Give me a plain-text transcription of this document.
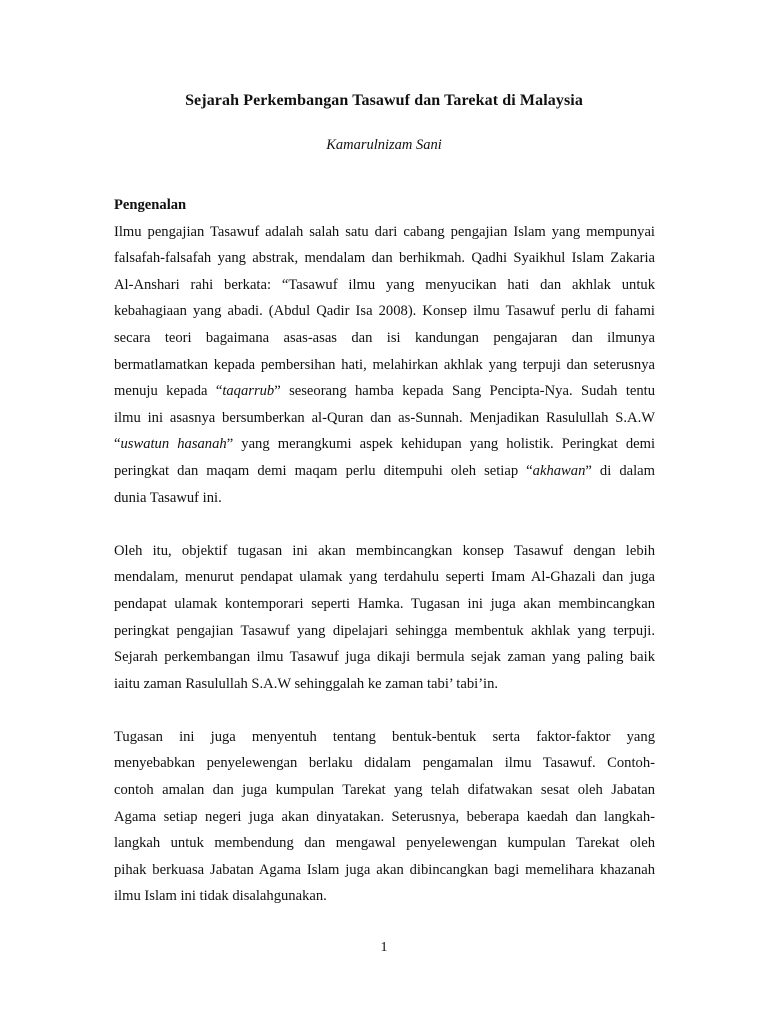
Sejarah Perkembangan Tasawuf dan Tarekat di Malaysia

Kamarulnizam Sani

Pengenalan

Ilmu pengajian Tasawuf adalah salah satu dari cabang pengajian Islam yang mempunyai
falsafah-falsafah yang abstrak, mendalam dan berhikmah. Qadhi Syaikhul Islam Zakaria
Al-Anshari rahi berkata: “Tasawuf ilmu yang menyucikan hati dan akhlak untuk
kebahagiaan yang abadi. (Abdul Qadir Isa 2008). Konsep ilmu Tasawuf perlu di fahami
secara teori bagaimana asas-asas dan isi kandungan pengajaran dan ilmunya
bermatlamatkan kepada pembersihan hati, melahirkan akhlak yang terpuji dan seterusnya
menuju kepada “taqarrub” seseorang hamba kepada Sang Pencipta-Nya. Sudah tentu
ilmu ini asasnya bersumberkan al-Quran dan as-Sunnah. Menjadikan Rasulullah S.A.W
“uswatun hasanah” yang merangkumi aspek kehidupan yang holistik. Peringkat demi
peringkat dan maqam demi maqam perlu ditempuhi oleh setiap “akhawan” di dalam
dunia Tasawuf ini.

Oleh itu, objektif tugasan ini akan membincangkan konsep Tasawuf dengan lebih
mendalam, menurut pendapat ulamak yang terdahulu seperti Imam Al-Ghazali dan juga
pendapat ulamak kontemporari seperti Hamka. Tugasan ini juga akan membincangkan
peringkat pengajian Tasawuf yang dipelajari sehingga membentuk akhlak yang terpuji.
Sejarah perkembangan ilmu Tasawuf juga dikaji bermula sejak zaman yang paling baik
iaitu zaman Rasulullah S.A.W sehinggalah ke zaman tabi’ tabi’in.

Tugasan ini juga menyentuh tentang bentuk-bentuk serta faktor-faktor yang
menyebabkan penyelewengan berlaku didalam pengamalan ilmu Tasawuf. Contoh-
contoh amalan dan juga kumpulan Tarekat yang telah difatwakan sesat oleh Jabatan
Agama setiap negeri juga akan dinyatakan. Seterusnya, beberapa kaedah dan langkah-
langkah untuk membendung dan mengawal penyelewengan kumpulan Tarekat oleh
pihak berkuasa Jabatan Agama Islam juga akan dibincangkan bagi memelihara khazanah
ilmu Islam ini tidak disalahgunakan.

1
